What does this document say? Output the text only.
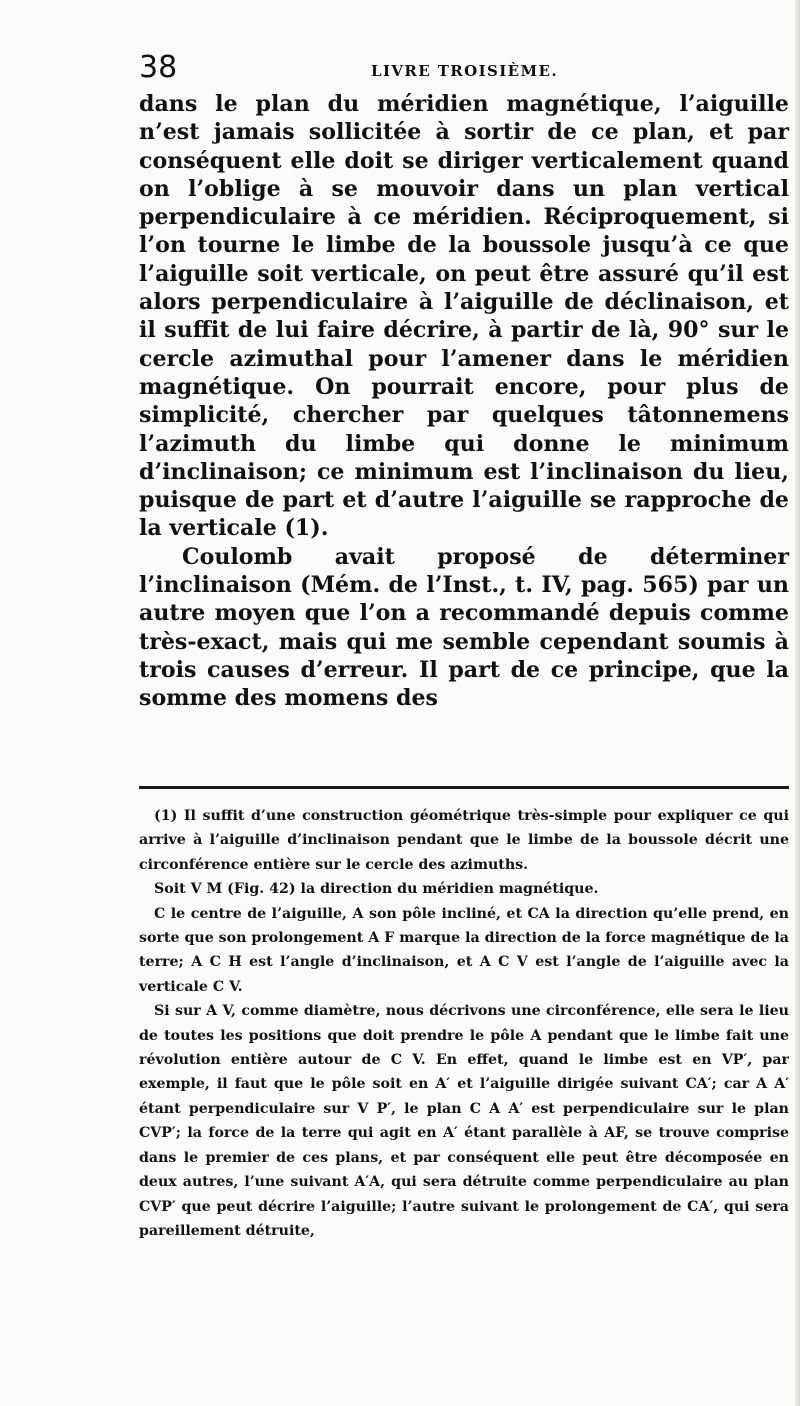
38	LIVRE TROISIÈME.

dans le plan du méridien magnétique, l’aiguille n’est jamais sollicitée à sortir de ce plan, et par conséquent elle doit se diriger verticalement quand on l’oblige à se mouvoir dans un plan vertical perpendiculaire à ce méridien. Réciproquement, si l’on tourne le limbe de la boussole jusqu’à ce que l’aiguille soit verticale, on peut être assuré qu’il est alors perpendiculaire à l’aiguille de déclinaison, et il suffit de lui faire décrire, à partir de là, 90° sur le cercle azimuthal pour l’amener dans le méridien magnétique. On pourrait encore, pour plus de simplicité, chercher par quelques tâtonnemens l’azimuth du limbe qui donne le minimum d’inclinaison; ce minimum est l’inclinaison du lieu, puisque de part et d’autre l’aiguille se rapproche de la verticale (1).

Coulomb avait proposé de déterminer l’inclinaison (Mém. de l’Inst., t. IV, pag. 565) par un autre moyen que l’on a recommandé depuis comme très-exact, mais qui me semble cependant soumis à trois causes d’erreur. Il part de ce principe, que la somme des momens des

(1) Il suffit d’une construction géométrique très-simple pour expliquer ce qui arrive à l’aiguille d’inclinaison pendant que le limbe de la boussole décrit une circonférence entière sur le cercle des azimuths.

Soit V M (Fig. 42) la direction du méridien magnétique.

C le centre de l’aiguille, A son pôle incliné, et CA la direction qu’elle prend, en sorte que son prolongement A F marque la direction de la force magnétique de la terre; A C H est l’angle d’inclinaison, et A C V est l’angle de l’aiguille avec la verticale C V.

Si sur A V, comme diamètre, nous décrivons une circonférence, elle sera le lieu de toutes les positions que doit prendre le pôle A pendant que le limbe fait une révolution entière autour de C V. En effet, quand le limbe est en VP′, par exemple, il faut que le pôle soit en A′ et l’aiguille dirigée suivant CA′; car A A′ étant perpendiculaire sur V P′, le plan C A A′ est perpendiculaire sur le plan CVP′; la force de la terre qui agit en A′ étant parallèle à AF, se trouve comprise dans le premier de ces plans, et par conséquent elle peut être décomposée en deux autres, l’une suivant A′A, qui sera détruite comme perpendiculaire au plan CVP′ que peut décrire l’aiguille; l’autre suivant le prolongement de CA′, qui sera pareillement détruite,
